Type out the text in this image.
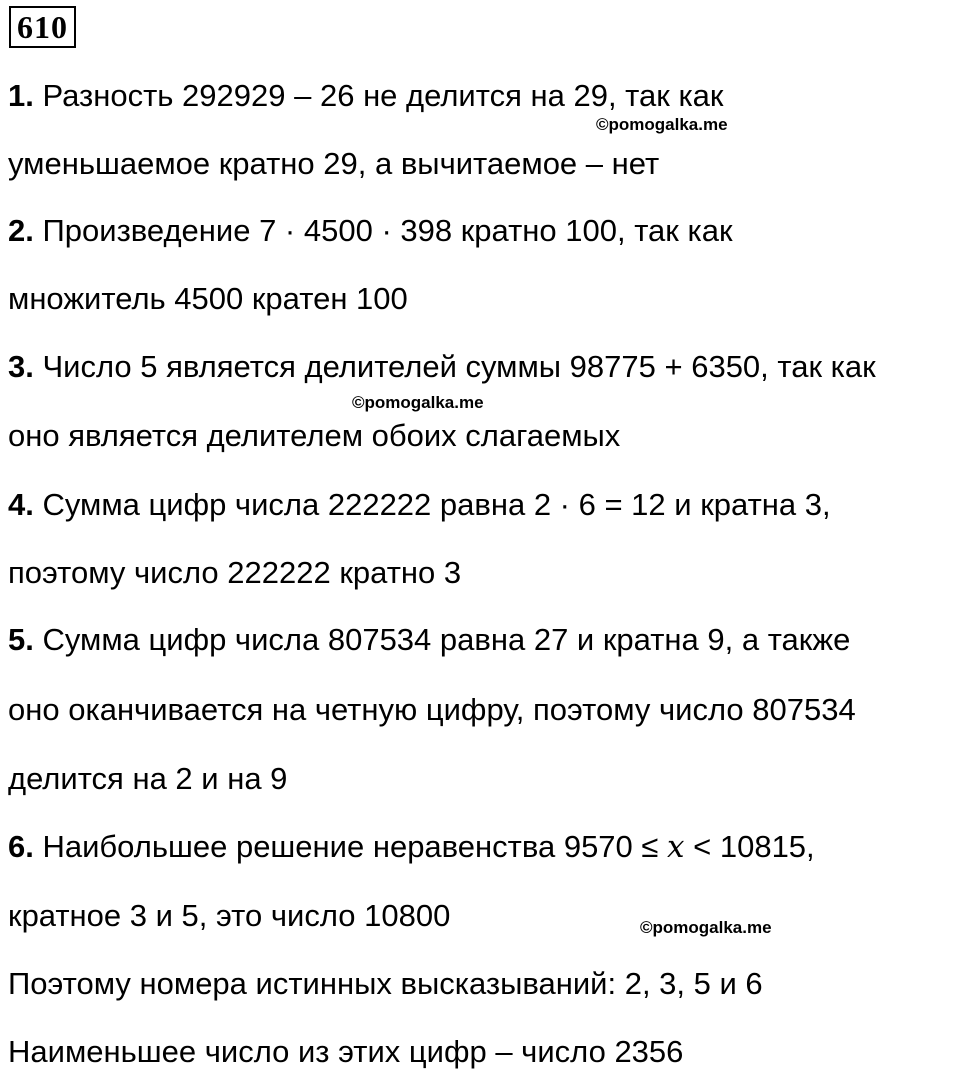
610
1. Разность 292929 – 26 не делится на 29, так как
©pomogalka.me
уменьшаемое кратно 29, а вычитаемое – нет
2. Произведение 7 · 4500 · 398 кратно 100, так как
множитель 4500 кратен 100
3. Число 5 является делителей суммы 98775 + 6350, так как
©pomogalka.me
оно является делителем обоих слагаемых
4. Сумма цифр числа 222222 равна 2 · 6 = 12 и кратна 3,
поэтому число 222222 кратно 3
5. Сумма цифр числа 807534 равна 27 и кратна 9, а также
оно оканчивается на четную цифру, поэтому число 807534
делится на 2 и на 9
6. Наибольшее решение неравенства 9570 ≤ x < 10815,
кратное 3 и 5, это число 10800	©pomogalka.me
Поэтому номера истинных высказываний: 2, 3, 5 и 6
Наименьшее число из этих цифр – число 2356
